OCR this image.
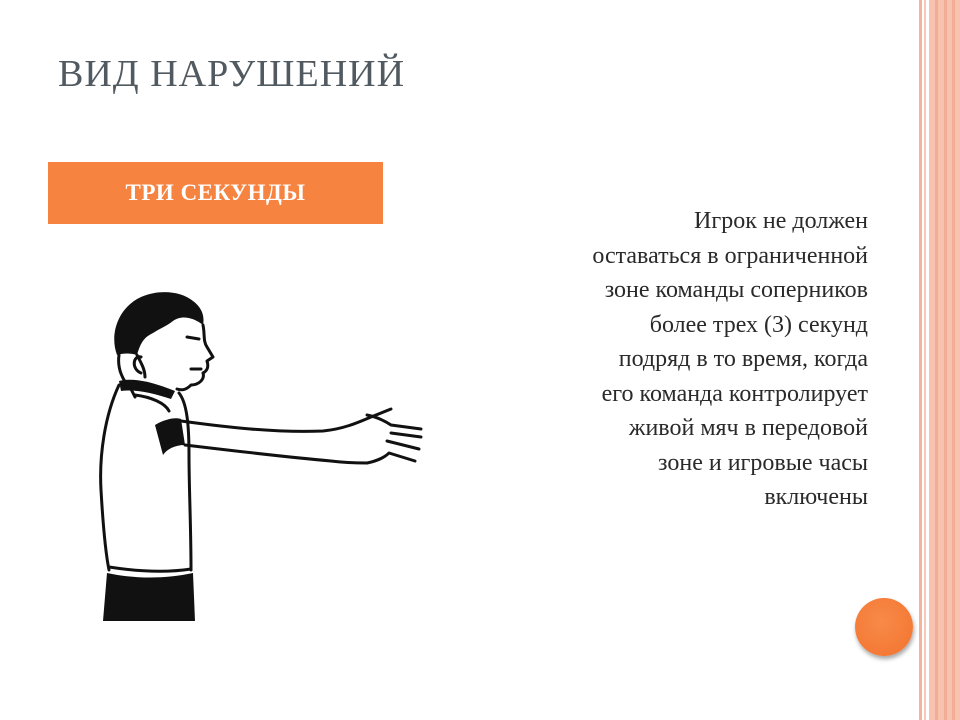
ВИД НАРУШЕНИЙ
ТРИ СЕКУНДЫ
Игрок не должен
оставаться в ограниченной
зоне команды соперников
более трех (3) секунд
подряд в то время, когда
его команда контролирует
живой мяч в передовой
зоне и игровые часы
включены
